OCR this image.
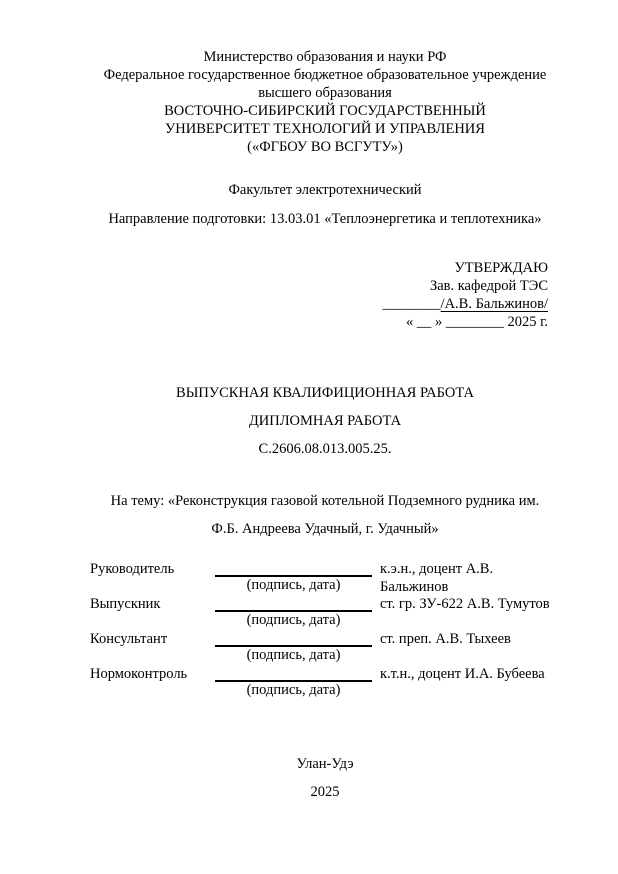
Министерство образования и науки РФ
Федеральное государственное бюджетное образовательное учреждение
высшего образования
ВОСТОЧНО-СИБИРСКИЙ ГОСУДАРСТВЕННЫЙ
УНИВЕРСИТЕТ ТЕХНОЛОГИЙ И УПРАВЛЕНИЯ
(«ФГБОУ ВО ВСГУТУ»)
Факультет электротехнический
Направление подготовки: 13.03.01 «Теплоэнергетика и теплотехника»
УТВЕРЖДАЮ
Зав. кафедрой ТЭС
________/А.В. Бальжинов/
« __ » ________ 2025 г.
ВЫПУСКНАЯ КВАЛИФИЦИОННАЯ РАБОТА
ДИПЛОМНАЯ РАБОТА
С.2606.08.013.005.25.
На тему: «Реконструкция газовой котельной Подземного рудника им.
Ф.Б. Андреева Удачный, г. Удачный»
Руководитель
(подпись, дата)
к.э.н., доцент А.В. Бальжинов
Выпускник
(подпись, дата)
ст. гр. ЗУ-622 А.В. Тумутов
Консультант
(подпись, дата)
ст. преп. А.В. Тыхеев
Нормоконтроль
(подпись, дата)
к.т.н., доцент И.А. Бубеева
Улан-Удэ
2025
